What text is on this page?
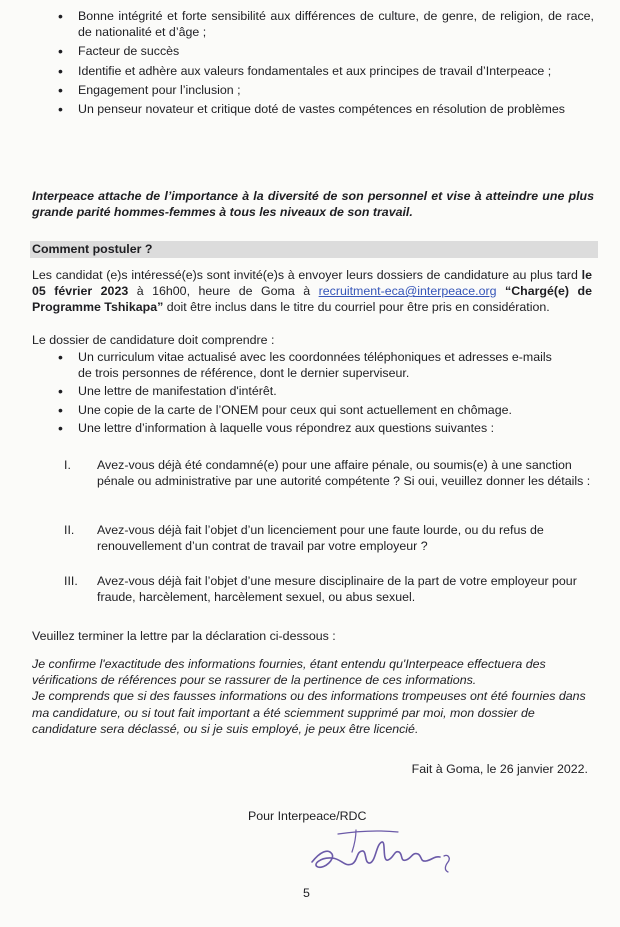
• Bonne intégrité et forte sensibilité aux différences de culture, de genre, de religion, de race, de nationalité et d’âge ;
• Facteur de succès
• Identifie et adhère aux valeurs fondamentales et aux principes de travail d’Interpeace ;
• Engagement pour l’inclusion ;
• Un penseur novateur et critique doté de vastes compétences en résolution de problèmes

Interpeace attache de l’importance à la diversité de son personnel et vise à atteindre une plus grande parité hommes-femmes à tous les niveaux de son travail.

Comment postuler ?

Les candidat (e)s intéressé(e)s sont invité(e)s à envoyer leurs dossiers de candidature au plus tard le 05 février 2023 à 16h00, heure de Goma à recruitment-eca@interpeace.org “Chargé(e) de Programme Tshikapa” doit être inclus dans le titre du courriel pour être pris en considération.

Le dossier de candidature doit comprendre :

• Un curriculum vitae actualisé avec les coordonnées téléphoniques et adresses e-mails de trois personnes de référence, dont le dernier superviseur.
• Une lettre de manifestation d'intérêt.
• Une copie de la carte de l’ONEM pour ceux qui sont actuellement en chômage.
• Une lettre d’information à laquelle vous répondrez aux questions suivantes :

I. Avez-vous déjà été condamné(e) pour une affaire pénale, ou soumis(e) à une sanction pénale ou administrative par une autorité compétente ? Si oui, veuillez donner les détails :

II. Avez-vous déjà fait l’objet d’un licenciement pour une faute lourde, ou du refus de renouvellement d’un contrat de travail par votre employeur ?

III. Avez-vous déjà fait l’objet d’une mesure disciplinaire de la part de votre employeur pour fraude, harcèlement, harcèlement sexuel, ou abus sexuel.

Veuillez terminer la lettre par la déclaration ci-dessous :

Je confirme l'exactitude des informations fournies, étant entendu qu'Interpeace effectuera des vérifications de références pour se rassurer de la pertinence de ces informations.
Je comprends que si des fausses informations ou des informations trompeuses ont été fournies dans ma candidature, ou si tout fait important a été sciemment supprimé par moi, mon dossier de candidature sera déclassé, ou si je suis employé, je peux être licencié.

Fait à Goma, le 26 janvier 2022.

Pour Interpeace/RDC

5
